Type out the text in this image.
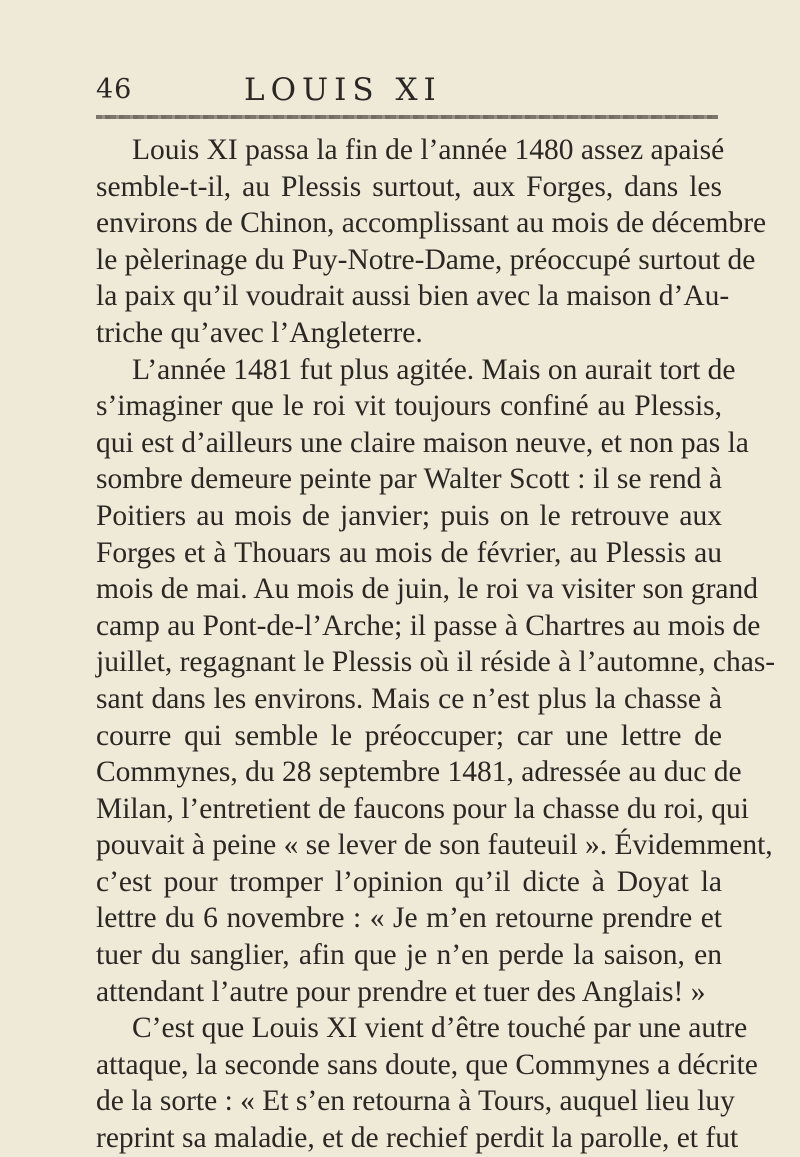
46	LOUIS XI
Louis XI passa la fin de l’année 1480 assez apaisé
semble-t-il, au Plessis surtout, aux Forges, dans les
environs de Chinon, accomplissant au mois de décembre
le pèlerinage du Puy-Notre-Dame, préoccupé surtout de
la paix qu’il voudrait aussi bien avec la maison d’Au-
triche qu’avec l’Angleterre.
L’année 1481 fut plus agitée. Mais on aurait tort de
s’imaginer que le roi vit toujours confiné au Plessis,
qui est d’ailleurs une claire maison neuve, et non pas la
sombre demeure peinte par Walter Scott : il se rend à
Poitiers au mois de janvier; puis on le retrouve aux
Forges et à Thouars au mois de février, au Plessis au
mois de mai. Au mois de juin, le roi va visiter son grand
camp au Pont-de-l’Arche; il passe à Chartres au mois de
juillet, regagnant le Plessis où il réside à l’automne, chas-
sant dans les environs. Mais ce n’est plus la chasse à
courre qui semble le préoccuper; car une lettre de
Commynes, du 28 septembre 1481, adressée au duc de
Milan, l’entretient de faucons pour la chasse du roi, qui
pouvait à peine « se lever de son fauteuil ». Évidemment,
c’est pour tromper l’opinion qu’il dicte à Doyat la
lettre du 6 novembre : « Je m’en retourne prendre et
tuer du sanglier, afin que je n’en perde la saison, en
attendant l’autre pour prendre et tuer des Anglais! »
C’est que Louis XI vient d’être touché par une autre
attaque, la seconde sans doute, que Commynes a décrite
de la sorte : « Et s’en retourna à Tours, auquel lieu luy
reprint sa maladie, et de rechief perdit la parolle, et fut
